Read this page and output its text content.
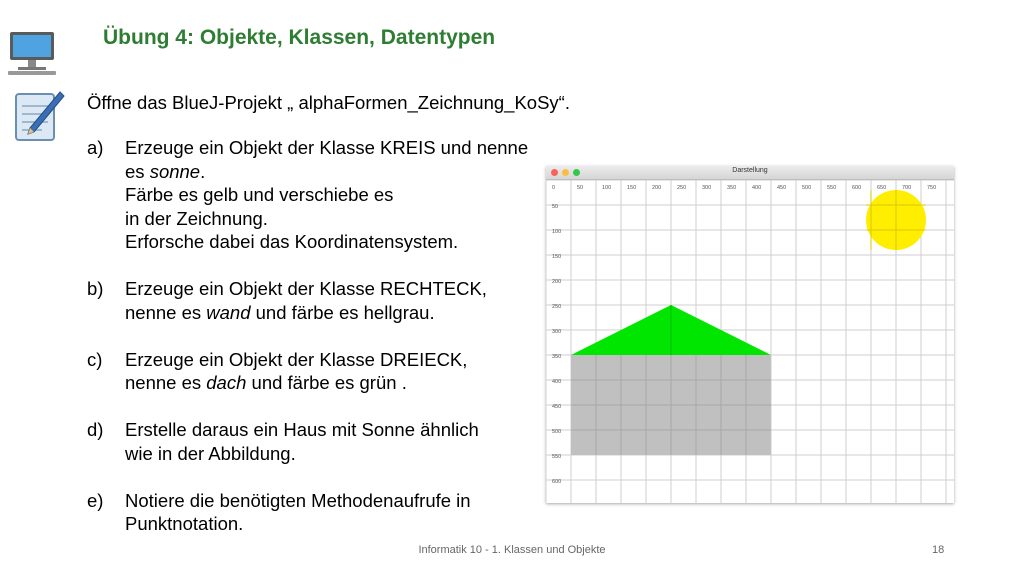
Übung 4: Objekte, Klassen, Datentypen
Öffne das BlueJ-Projekt „ alphaFormen_Zeichnung_KoSy“.
a)	Erzeuge ein Objekt der Klasse KREIS und nenne
es sonne.
Färbe es gelb und verschiebe es
in der Zeichnung.
Erforsche dabei das Koordinatensystem.
b)	Erzeuge ein Objekt der Klasse RECHTECK,
nenne es wand und färbe es hellgrau.
c)	Erzeuge ein Objekt der Klasse DREIECK,
nenne es dach und färbe es grün .
d)	Erstelle daraus ein Haus mit Sonne ähnlich
wie in der Abbildung.
e)	Notiere die benötigten Methodenaufrufe in
Punktnotation.
Darstellung
0	50	100	150	200	250	300	350	400	450	500	550	600	650	700	750
50
100
150
200
250
300
350
400
450
500
550
600
Informatik 10 - 1. Klassen und Objekte	18
